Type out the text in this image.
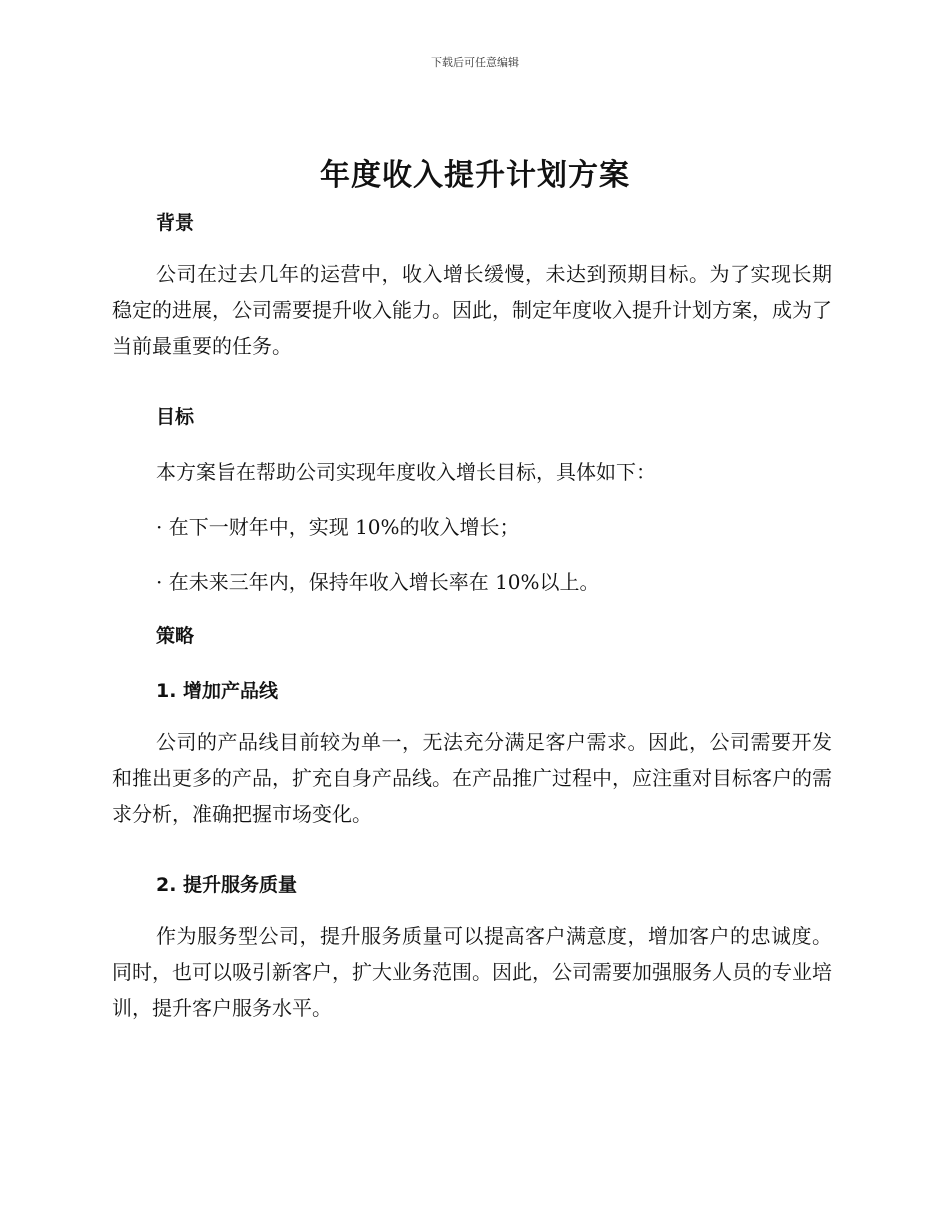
下载后可任意编辑
年度收入提升计划方案
背景
公司在过去几年的运营中，收入增长缓慢，未达到预期目标。为了实现长期稳定的进展，公司需要提升收入能力。因此，制定年度收入提升计划方案，成为了当前最重要的任务。
目标
本方案旨在帮助公司实现年度收入增长目标，具体如下：
· 在下一财年中，实现 10%的收入增长；
· 在未来三年内，保持年收入增长率在 10%以上。
策略
1. 增加产品线
公司的产品线目前较为单一，无法充分满足客户需求。因此，公司需要开发和推出更多的产品，扩充自身产品线。在产品推广过程中，应注重对目标客户的需求分析，准确把握市场变化。
2. 提升服务质量
作为服务型公司，提升服务质量可以提高客户满意度，增加客户的忠诚度。同时，也可以吸引新客户，扩大业务范围。因此，公司需要加强服务人员的专业培训，提升客户服务水平。
